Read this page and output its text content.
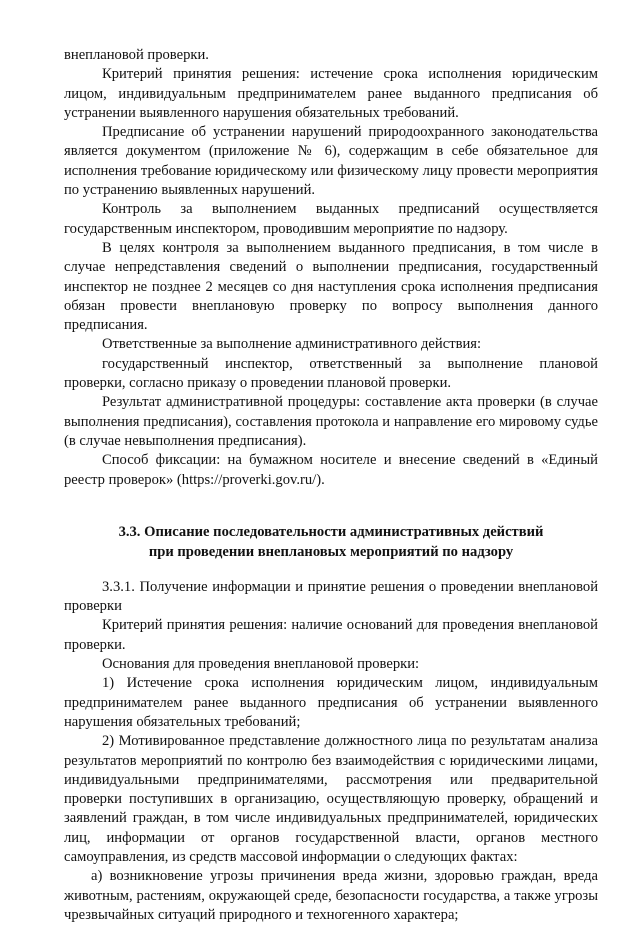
внеплановой проверки.

Критерий принятия решения: истечение срока исполнения юридическим лицом, индивидуальным предпринимателем ранее выданного предписания об устранении выявленного нарушения обязательных требований.

Предписание об устранении нарушений природоохранного законодательства является документом (приложение № 6), содержащим в себе обязательное для исполнения требование юридическому или физическому лицу провести мероприятия по устранению выявленных нарушений.

Контроль за выполнением выданных предписаний осуществляется государственным инспектором, проводившим мероприятие по надзору.

В целях контроля за выполнением выданного предписания, в том числе в случае непредставления сведений о выполнении предписания, государственный инспектор не позднее 2 месяцев со дня наступления срока исполнения предписания обязан провести внеплановую проверку по вопросу выполнения данного предписания.

Ответственные за выполнение административного действия:

государственный инспектор, ответственный за выполнение плановой проверки, согласно приказу о проведении плановой проверки.

Результат административной процедуры: составление акта проверки (в случае выполнения предписания), составления протокола и направление его мировому судье (в случае невыполнения предписания).

Способ фиксации: на бумажном носителе и внесение сведений в «Единый реестр проверок» (https://proverki.gov.ru/).

3.3. Описание последовательности административных действий
при проведении внеплановых мероприятий по надзору

3.3.1. Получение информации и принятие решения о проведении внеплановой проверки

Критерий принятия решения: наличие оснований для проведения внеплановой проверки.

Основания для проведения внеплановой проверки:

1) Истечение срока исполнения юридическим лицом, индивидуальным предпринимателем ранее выданного предписания об устранении выявленного нарушения обязательных требований;

2) Мотивированное представление должностного лица по результатам анализа результатов мероприятий по контролю без взаимодействия с юридическими лицами, индивидуальными предпринимателями, рассмотрения или предварительной проверки поступивших в организацию, осуществляющую проверку, обращений и заявлений граждан, в том числе индивидуальных предпринимателей, юридических лиц, информации от органов государственной власти, органов местного самоуправления, из средств массовой информации о следующих фактах:

а) возникновение угрозы причинения вреда жизни, здоровью граждан, вреда животным, растениям, окружающей среде, безопасности государства, а также угрозы чрезвычайных ситуаций природного и техногенного характера;
